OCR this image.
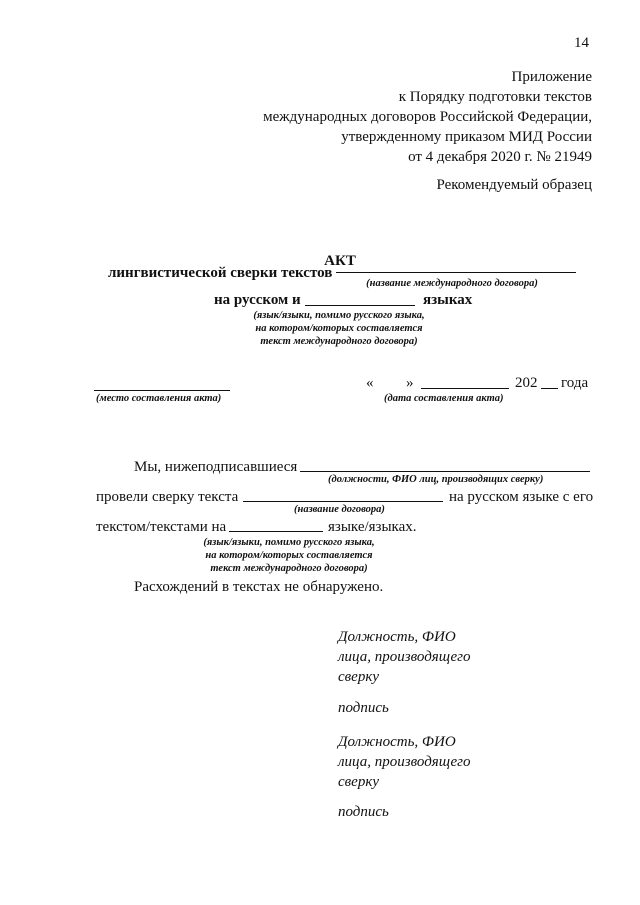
14
Приложение
к Порядку подготовки текстов
международных договоров Российской Федерации,
утвержденному приказом МИД России
от 4 декабря 2020 г. № 21949
Рекомендуемый образец
АКТ
лингвистической сверки текстов
(название международного договора)
на русском и	языках
(язык/языки, помимо русского языка,
на котором/которых составляется
текст международного договора)
(место составления акта)
« »	202 года
(дата составления акта)
Мы, нижеподписавшиеся
(должности, ФИО лиц, производящих сверку)
провели сверку текста	на русском языке с его
(название договора)
текстом/текстами на	языке/языках.
(язык/языки, помимо русского языка,
на котором/которых составляется
текст международного договора)
Расхождений в текстах не обнаружено.
Должность, ФИО
лица, производящего
сверку
подпись
Должность, ФИО
лица, производящего
сверку
подпись
